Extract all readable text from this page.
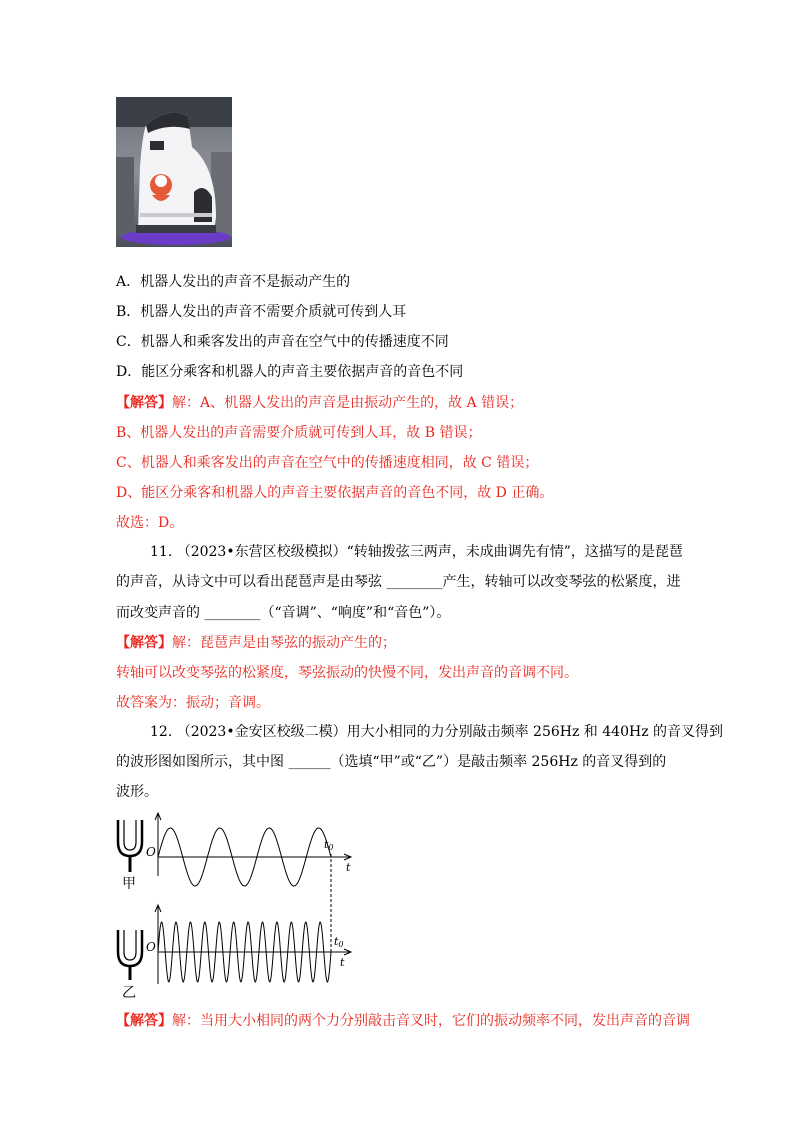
A．机器人发出的声音不是振动产生的
B．机器人发出的声音不需要介质就可传到人耳
C．机器人和乘客发出的声音在空气中的传播速度不同
D．能区分乘客和机器人的声音主要依据声音的音色不同
【解答】解：A、机器人发出的声音是由振动产生的，故 A 错误；
B、机器人发出的声音需要介质就可传到人耳，故 B 错误；
C、机器人和乘客发出的声音在空气中的传播速度相同，故 C 错误；
D、能区分乘客和机器人的声音主要依据声音的音色不同，故 D 正确。
故选：D。
11. （2023•东营区校级模拟）“转轴拨弦三两声，未成曲调先有情”，这描写的是琵琶
的声音，从诗文中可以看出琵琶声是由琴弦 ________产生，转轴可以改变琴弦的松紧度，进
而改变声音的 ________（“音调”、“响度”和“音色”）。
【解答】解：琵琶声是由琴弦的振动产生的；
转轴可以改变琴弦的松紧度，琴弦振动的快慢不同，发出声音的音调不同。
故答案为：振动；音调。
12. （2023•金安区校级二模）用大小相同的力分别敲击频率 256Hz 和 440Hz 的音叉得到
的波形图如图所示，其中图 ______（选填“甲”或“乙”）是敲击频率 256Hz 的音叉得到的
波形。
甲
O
t
t0
乙
O
t
t0
【解答】解：当用大小相同的两个力分别敲击音叉时，它们的振动频率不同，发出声音的音调
